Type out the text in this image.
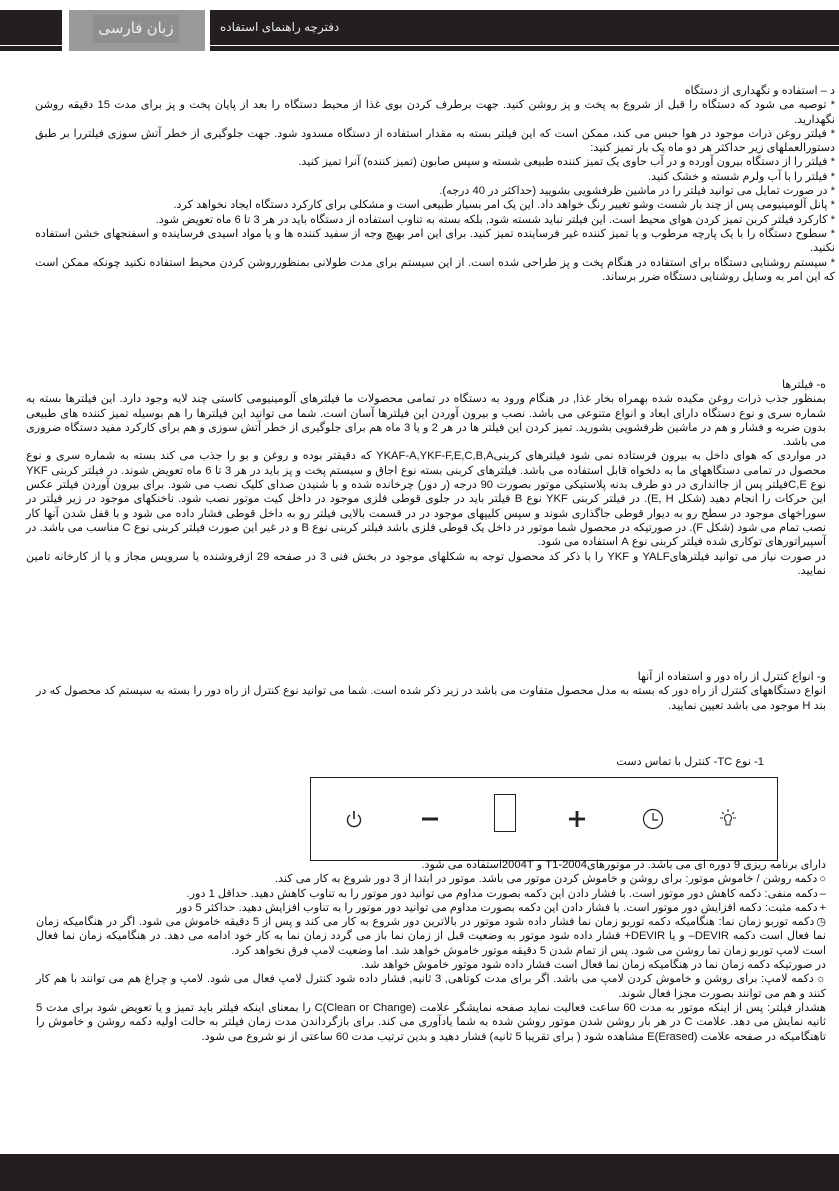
زبان فارسی	دفترچه راهنمای استفاده

د – استفاده و نگهداری از دستگاه

* توصیه می شود که دستگاه را قبل از شروع به پخت و پز روشن کنید. جهت برطرف کردن بوی غذا از محیط دستگاه را بعد از پایان پخت و پز برای مدت 15 دقیقه روشن نگهدارید.

* فیلتر روغن ذرات موجود در هوا حبس می کند، ممکن است که این فیلتر بسته به مقدار استفاده از دستگاه مسدود شود. جهت جلوگیری از خطر آتش سوزی فیلتررا بر طبق دستورالعملهای زیر حداکثر هر دو ماه یک بار تمیز کنید:

* فیلتر را از دستگاه بیرون آورده و در آب حاوی یک تمیز کننده طبیعی شسته و سپس صابون (تمیز کننده) آنرا تمیز کنید.

* فیلتر را با آب ولرم شسته و خشک کنید.

* در صورت تمایل می توانید فیلتر را در ماشین ظرفشویی بشویید (حداکثر در 40 درجه).

* پانل آلومینیومی پس از چند بار شست وشو تغییر رنگ خواهد داد. این یک امر بسیار طبیعی است و مشکلی برای کارکرد دستگاه ایجاد نخواهد کرد.

* کارکرد فیلتر کربن تمیز کردن هوای محیط است. این فیلتر نباید شسته شود, بلکه بسته به تناوب استفاده از دستگاه باید در هر 3 تا 6 ماه تعویض شود.

* سطوح دستگاه را با یک پارچه مرطوب و یا تمیز کننده غیر فرساینده تمیز کنید. برای این امر بهیچ وجه از سفید کننده ها و یا مواد اسیدی فرساینده و اسفنجهای خشن استفاده نکنید.

* سیستم روشنایی دستگاه برای استفاده در هنگام پخت و پز طراحی شده است. از این سیستم برای مدت طولانی بمنظورروشن کردن محیط استفاده نکنید چونکه ممکن است که این امر به وسایل روشنایی دستگاه ضرر برساند.

ه- فیلترها

بمنظور جذب ذرات روغن مکیده شده بهمراه بخار غذا, در هنگام ورود به دستگاه در تمامی محصولات ما فیلترهای آلومینیومی کاستی چند لایه وجود دارد. این فیلترها بسته به شماره سری و نوع دستگاه دارای ابعاد و انواع متنوعی می باشد. نصب و بیرون آوردن این فیلترها آسان است. شما می توانید این فیلترها را هم بوسیله تمیز کننده های طبیعی بدون ضربه و فشار و هم در ماشین ظرفشویی بشورید. تمیز کردن این فیلتر ها در هر 2 و یا 3 ماه هم برای جلوگیری از خطر آتش سوزی و هم برای کارکرد مفید دستگاه ضروری می باشد.

در مواردی که هوای داخل به بیرون فرستاده نمی شود فیلترهای کربنیYKAF-A,YKF-F,E,C,B,A که دقیقتر بوده و روغن و بو را جذب می کند بسته به شماره سری و نوع محصول در تمامی دستگاههای ما به دلخواه قابل استفاده می باشد. فیلترهای کربنی بسته نوع اجاق و سیستم پخت و پز باید در هر 3 تا 6 ماه تعویض شوند. در فیلتر کربنی YKF نوع C,Eفیلتر پس از جاانداری در دو طرف بدنه پلاستیکی موتور بصورت 90 درجه (ر دور) چرخانده شده و با شنیدن صدای کلیک نصب می شود. برای بیرون آوردن فیلتر عکس این حرکات را انجام دهید (شکل E, H). در فیلتر کربنی YKF نوع B فیلتر باید در جلوی قوطی فلزی موجود در داخل کیت موتور نصب شود. ناخنکهای موجود در زیر فیلتر در سوراخهای موجود در سطح رو به دیوار قوطی جاگذاری شوند و سپس کلیپهای موجود در در قسمت بالایی فیلتر رو به داخل قوطی فشار داده می شود و با قفل شدن آنها کار نصب تمام می شود (شکل F). در صورتیکه در محصول شما موتور در داخل یک قوطی فلزی باشد فیلتر کربنی نوع B و در غیر این صورت فیلتر کربنی نوع C مناسب می باشد. در آسپیراتورهای توکاری شده فیلتر کربنی نوع A استفاده می شود.

در صورت نیاز می توانید فیلترهایYALF و YKF را با ذکر کد محصول توجه به شکلهای موجود در بخش فنی 3 در صفحه 29 ازفروشنده یا سرویس مجاز و یا از کارخانه تامین نمایید.

و- انواع کنترل از راه دور و استفاده از آنها

انواع دستگاههای کنترل از راه دور که بسته به مدل محصول متفاوت می باشد در زیر ذکر شده است. شما می توانید نوع کنترل از راه دور را بسته به سیستم کد محصول که در بند H موجود می باشد تعیین نمایید.

1- نوع TC- کنترل با تماس دست

دارای برنامه ریزی 9 دوره ای می باشد. در موتورهایT1-2004 و 2004Tاستفاده می شود.

○دکمه روشن / خاموش موتور: برای روشن و خاموش کردن موتور می باشد. موتور در ابتدا از 3 دور شروع به کار می کند.

–دکمه منفی: دکمه کاهش دور موتور است. با فشار دادن این دکمه بصورت مداوم می توانید دور موتور را به تناوب کاهش دهید. حداقل 1 دور.

+دکمه مثبت: دکمه افزایش دور موتور است. با فشار دادن این دکمه بصورت مداوم می توانید دور موتور را به تناوب افزایش دهید. حداکثر 5 دور

◷دکمه توربو زمان نما: هنگامیکه دکمه توربو زمان نما فشار داده شود موتور در بالاترین دور شروع به کار می کند و پس از 5 دقیقه خاموش می شود. اگر در هنگامیکه زمان نما فعال است دکمه DEVIR– و یا DEVIR+ فشار داده شود موتور به وضعیت قبل از زمان نما باز می گردد زمان نما به کار خود ادامه می دهد. در هنگامیکه زمان نما فعال است لامپ توربو زمان نما روشن می شود. پس از تمام شدن 5 دقیقه موتور خاموش خواهد شد. اما وضعیت لامپ فرق نخواهد کرد.

در صورتیکه دکمه زمان نما در هنگامیکه زمان نما فعال است فشار داده شود موتور خاموش خواهد شد.

☼دکمه لامپ: برای روشن و خاموش کردن لامپ می باشد. اگر برای مدت کوتاهی, 3 ثانیه, فشار داده شود کنترل لامپ فعال می شود. لامپ و چراغ هم می توانند با هم کار کنند و هم می توانند بصورت مجزا فعال شوند.

هشدار فیلتر: پس از اینکه موتور به مدت 60 ساعت فعالیت نماید صفحه نمایشگر علامت C(Clean or Change) را بمعنای اینکه فیلتر باید تمیز و یا تعویض شود برای مدت 5 ثانیه نمایش می دهد. علامت C در هر بار روشن شدن موتور روشن شده به شما یادآوری می کند. برای بازگرداندن مدت زمان فیلتر به حالت اولیه دکمه روشن و خاموش را تاهنگامیکه در صفحه علامت E(Erased) مشاهده شود ( برای تقریبا 5 ثانیه) فشار دهید و بدین ترتیب مدت 60 ساعتی از نو شروع می شود.
